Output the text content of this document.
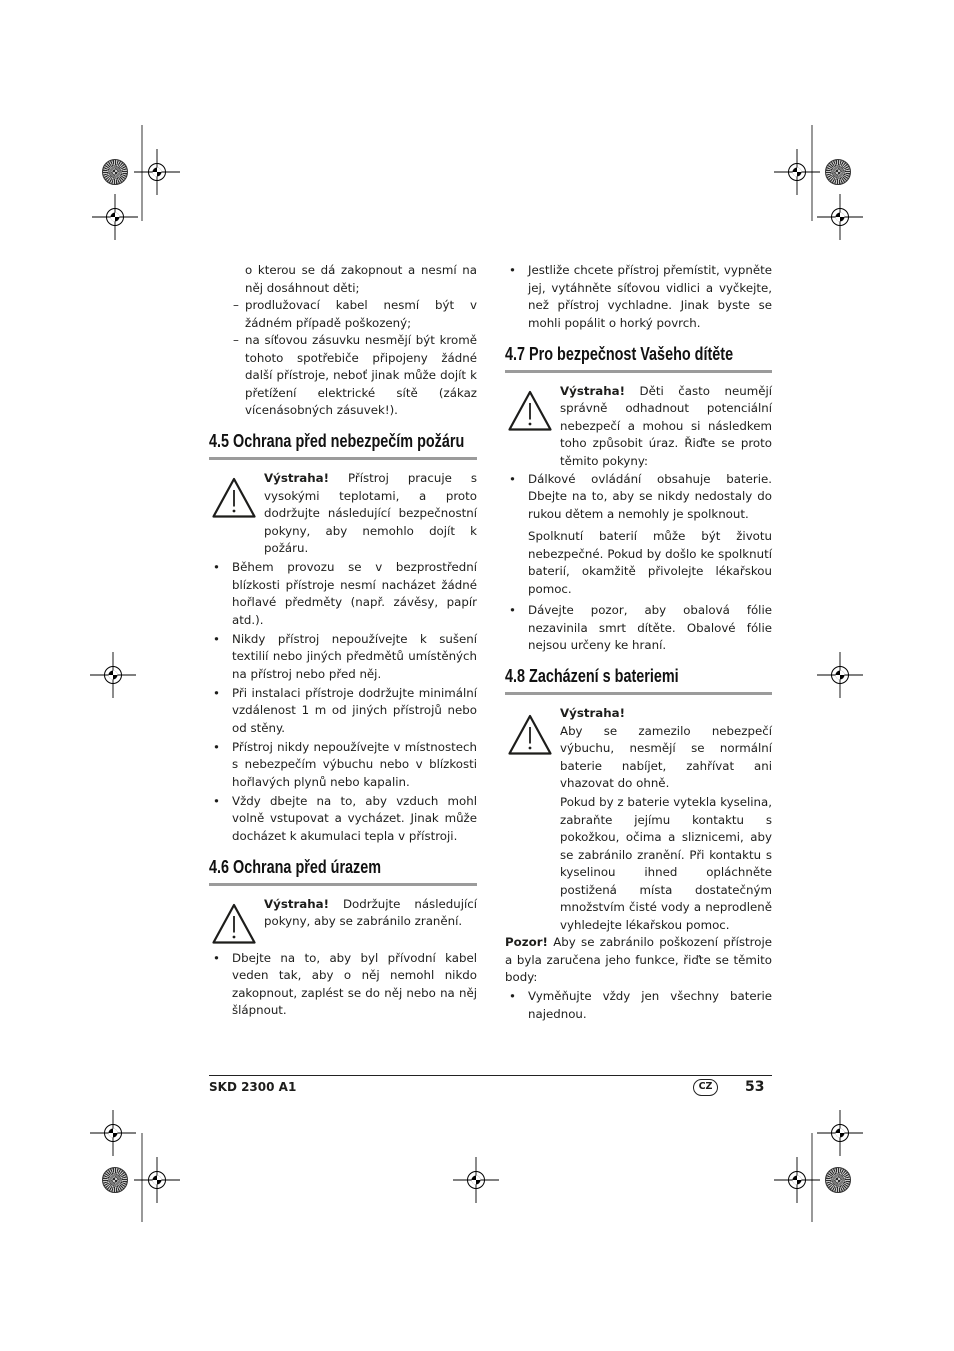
o kterou se dá zakopnout a nesmí na něj dosáhnout děti;

– prodlužovací kabel nesmí být v žádném případě poškozený;

– na síťovou zásuvku nesmějí být kromě tohoto spotřebiče připojeny žádné další přístroje, neboť jinak může dojít k přetížení elektrické sítě (zákaz vícenásobných zásuvek!).

4.5 Ochrana před nebezpečím požáru

Výstraha! Přístroj pracuje s vysokými teplotami, a proto dodržujte následující bezpečnostní pokyny, aby nemohlo dojít k požáru.

• Během provozu se v bezprostřední blízkosti přístroje nesmí nacházet žádné hořlavé předměty (např. závěsy, papír atd.).

• Nikdy přístroj nepoužívejte k sušení textilií nebo jiných předmětů umístěných na přístroj nebo před něj.

• Při instalaci přístroje dodržujte minimální vzdálenost 1 m od jiných přístrojů nebo od stěny.

• Přístroj nikdy nepoužívejte v místnostech s nebezpečím výbuchu nebo v blízkosti hořlavých plynů nebo kapalin.

• Vždy dbejte na to, aby vzduch mohl volně vstupovat a vycházet. Jinak může docházet k akumulaci tepla v přístroji.

4.6 Ochrana před úrazem

Výstraha! Dodržujte následující pokyny, aby se zabránilo zranění.

• Dbejte na to, aby byl přívodní kabel veden tak, aby o něj nemohl nikdo zakopnout, zaplést se do něj nebo na něj šlápnout.

• Jestliže chcete přístroj přemístit, vypněte jej, vytáhněte síťovou vidlici a vyčkejte, než přístroj vychladne. Jinak byste se mohli popálit o horký povrch.

4.7 Pro bezpečnost Vašeho dítěte

Výstraha! Děti často neumějí správně odhadnout potenciální nebezpečí a mohou si následkem toho způsobit úraz. Řiďte se proto těmito pokyny:

• Dálkové ovládání obsahuje baterie. Dbejte na to, aby se nikdy nedostaly do rukou dětem a nemohly je spolknout.

Spolknutí baterií může být životu nebezpečné. Pokud by došlo ke spolknutí baterií, okamžitě přivolejte lékařskou pomoc.

• Dávejte pozor, aby obalová fólie nezavinila smrt dítěte. Obalové fólie nejsou určeny ke hraní.

4.8 Zacházení s bateriemi

Výstraha!
Aby se zamezilo nebezpečí výbuchu, nesmějí se normální baterie nabíjet, zahřívat ani vhazovat do ohně.

Pokud by z baterie vytekla kyselina, zabraňte jejímu kontaktu s pokožkou, očima a sliznicemi, aby se zabránilo zranění. Při kontaktu s kyselinou ihned opláchněte postižená místa dostatečným množstvím čisté vody a neprodleně vyhledejte lékařskou pomoc.

Pozor! Aby se zabránilo poškození přístroje a byla zaručena jeho funkce, řiďte se těmito body:

• Vyměňujte vždy jen všechny baterie najednou.

SKD 2300 A1	CZ	53
